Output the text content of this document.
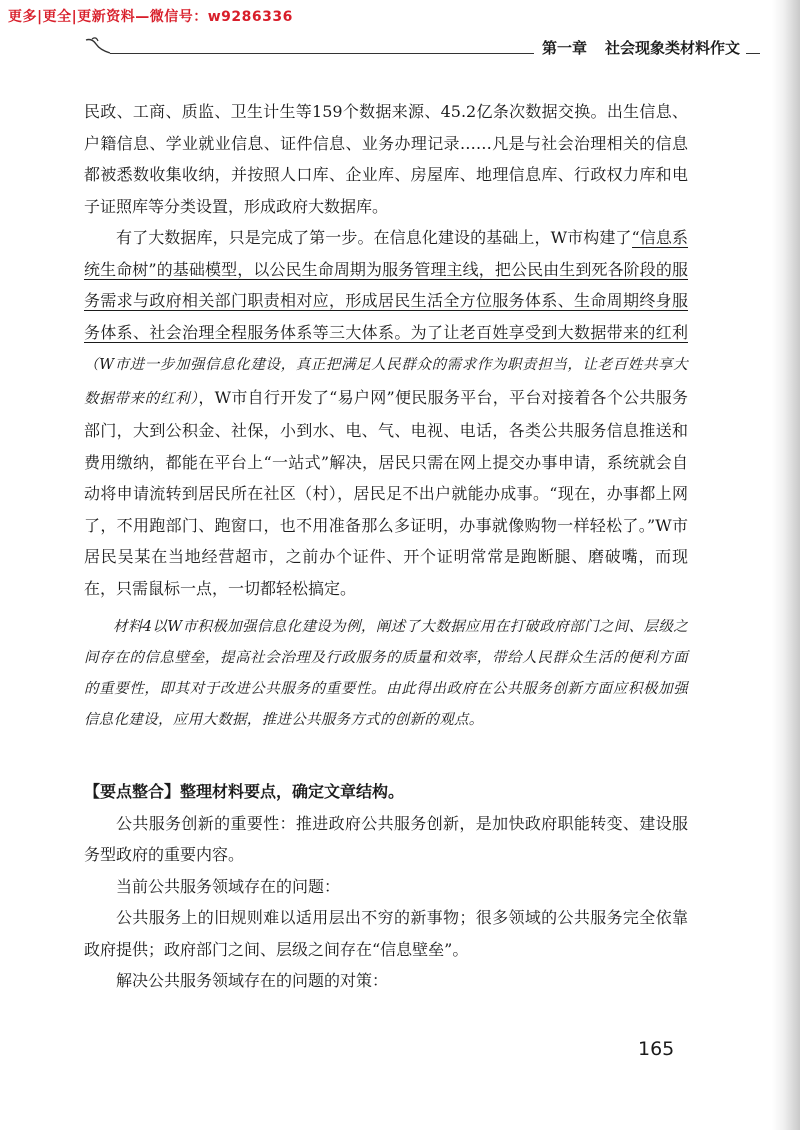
更多|更全|更新资料—微信号：w9286336
第一章 社会现象类材料作文

民政、工商、质监、卫生计生等159个数据来源、45.2亿条次数据交换。出生信息、户籍信息、学业就业信息、证件信息、业务办理记录……凡是与社会治理相关的信息都被悉数收集收纳，并按照人口库、企业库、房屋库、地理信息库、行政权力库和电子证照库等分类设置，形成政府大数据库。

有了大数据库，只是完成了第一步。在信息化建设的基础上，W市构建了“信息系统生命树”的基础模型，以公民生命周期为服务管理主线，把公民由生到死各阶段的服务需求与政府相关部门职责相对应，形成居民生活全方位服务体系、生命周期终身服务体系、社会治理全程服务体系等三大体系。为了让老百姓享受到大数据带来的红利（W市进一步加强信息化建设，真正把满足人民群众的需求作为职责担当，让老百姓共享大数据带来的红利），W市自行开发了“易户网”便民服务平台，平台对接着各个公共服务部门，大到公积金、社保，小到水、电、气、电视、电话，各类公共服务信息推送和费用缴纳，都能在平台上“一站式”解决，居民只需在网上提交办事申请，系统就会自动将申请流转到居民所在社区（村），居民足不出户就能办成事。“现在，办事都上网了，不用跑部门、跑窗口，也不用准备那么多证明，办事就像购物一样轻松了。”W市居民吴某在当地经营超市，之前办个证件、开个证明常常是跑断腿、磨破嘴，而现在，只需鼠标一点，一切都轻松搞定。

材料4以W市积极加强信息化建设为例，阐述了大数据应用在打破政府部门之间、层级之间存在的信息壁垒，提高社会治理及行政服务的质量和效率，带给人民群众生活的便利方面的重要性，即其对于改进公共服务的重要性。由此得出政府在公共服务创新方面应积极加强信息化建设，应用大数据，推进公共服务方式的创新的观点。

【要点整合】整理材料要点，确定文章结构。

公共服务创新的重要性：推进政府公共服务创新，是加快政府职能转变、建设服务型政府的重要内容。

当前公共服务领域存在的问题：

公共服务上的旧规则难以适用层出不穷的新事物；很多领域的公共服务完全依靠政府提供；政府部门之间、层级之间存在“信息壁垒”。

解决公共服务领域存在的问题的对策：

165
